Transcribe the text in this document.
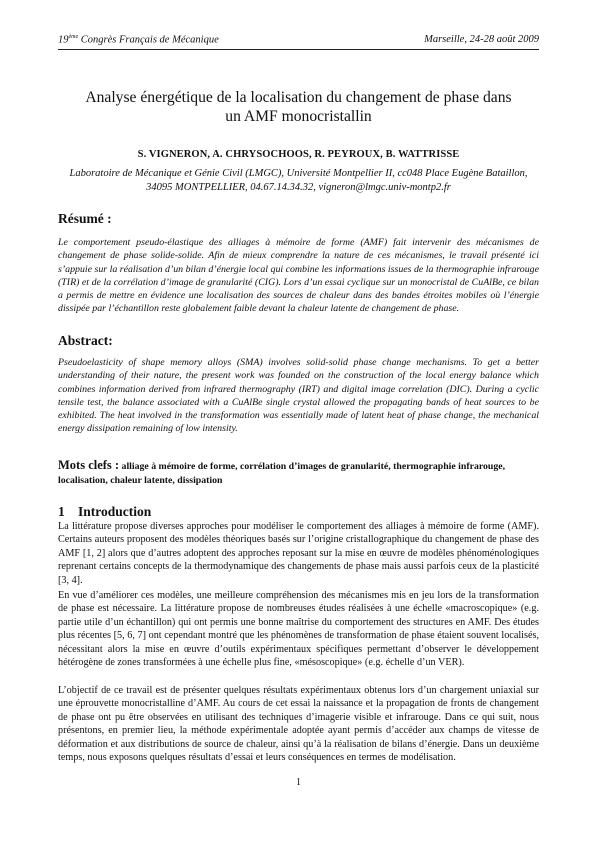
19ème Congrès Français de Mécanique	Marseille, 24-28 août 2009
Analyse énergétique de la localisation du changement de phase dans
un AMF monocristallin
S. VIGNERON, A. CHRYSOCHOOS, R. PEYROUX, B. WATTRISSE
Laboratoire de Mécanique et Génie Civil (LMGC), Université Montpellier II, cc048 Place Eugène Bataillon,
34095 MONTPELLIER, 04.67.14.34.32, vigneron@lmgc.univ-montp2.fr
Résumé :

Le comportement pseudo-élastique des alliages à mémoire de forme (AMF) fait intervenir des mécanismes de changement de phase solide-solide. Afin de mieux comprendre la nature de ces mécanismes, le travail présenté ici s’appuie sur la réalisation d’un bilan d’énergie local qui combine les informations issues de la thermographie infrarouge (TIR) et de la corrélation d’image de granularité (CIG). Lors d’un essai cyclique sur un monocristal de CuAlBe, ce bilan a permis de mettre en évidence une localisation des sources de chaleur dans des bandes étroites mobiles où l’énergie dissipée par l’échantillon reste globalement faible devant la chaleur latente de changement de phase.

Abstract:

Pseudoelasticity of shape memory alloys (SMA) involves solid-solid phase change mechanisms. To get a better understanding of their nature, the present work was founded on the construction of the local energy balance which combines information derived from infrared thermography (IRT) and digital image correlation (DIC). During a cyclic tensile test, the balance associated with a CuAlBe single crystal allowed the propagating bands of heat sources to be exhibited. The heat involved in the transformation was essentially made of latent heat of phase change, the mechanical energy dissipation remaining of low intensity.

Mots clefs : alliage à mémoire de forme, corrélation d’images de granularité, thermographie infrarouge, localisation, chaleur latente, dissipation

1 Introduction

La littérature propose diverses approches pour modéliser le comportement des alliages à mémoire de forme (AMF). Certains auteurs proposent des modèles théoriques basés sur l’origine cristallographique du changement de phase des AMF [1, 2] alors que d’autres adoptent des approches reposant sur la mise en œuvre de modèles phénoménologiques reprenant certains concepts de la thermodynamique des changements de phase mais aussi parfois ceux de la plasticité [3, 4].

En vue d’améliorer ces modèles, une meilleure compréhension des mécanismes mis en jeu lors de la transformation de phase est nécessaire. La littérature propose de nombreuses études réalisées à une échelle «macroscopique» (e.g. partie utile d’un échantillon) qui ont permis une bonne maîtrise du comportement des structures en AMF. Des études plus récentes [5, 6, 7] ont cependant montré que les phénomènes de transformation de phase étaient souvent localisés, nécessitant alors la mise en œuvre d’outils expérimentaux spécifiques permettant d’observer le développement hétérogène de zones transformées à une échelle plus fine, «mésoscopique» (e.g. échelle d’un VER).

L’objectif de ce travail est de présenter quelques résultats expérimentaux obtenus lors d’un chargement uniaxial sur une éprouvette monocristalline d’AMF. Au cours de cet essai la naissance et la propagation de fronts de changement de phase ont pu être observées en utilisant des techniques d’imagerie visible et infrarouge. Dans ce qui suit, nous présentons, en premier lieu, la méthode expérimentale adoptée ayant permis d’accéder aux champs de vitesse de déformation et aux distributions de source de chaleur, ainsi qu’à la réalisation de bilans d’énergie. Dans un deuxième temps, nous exposons quelques résultats d’essai et leurs conséquences en termes de modélisation.

1
